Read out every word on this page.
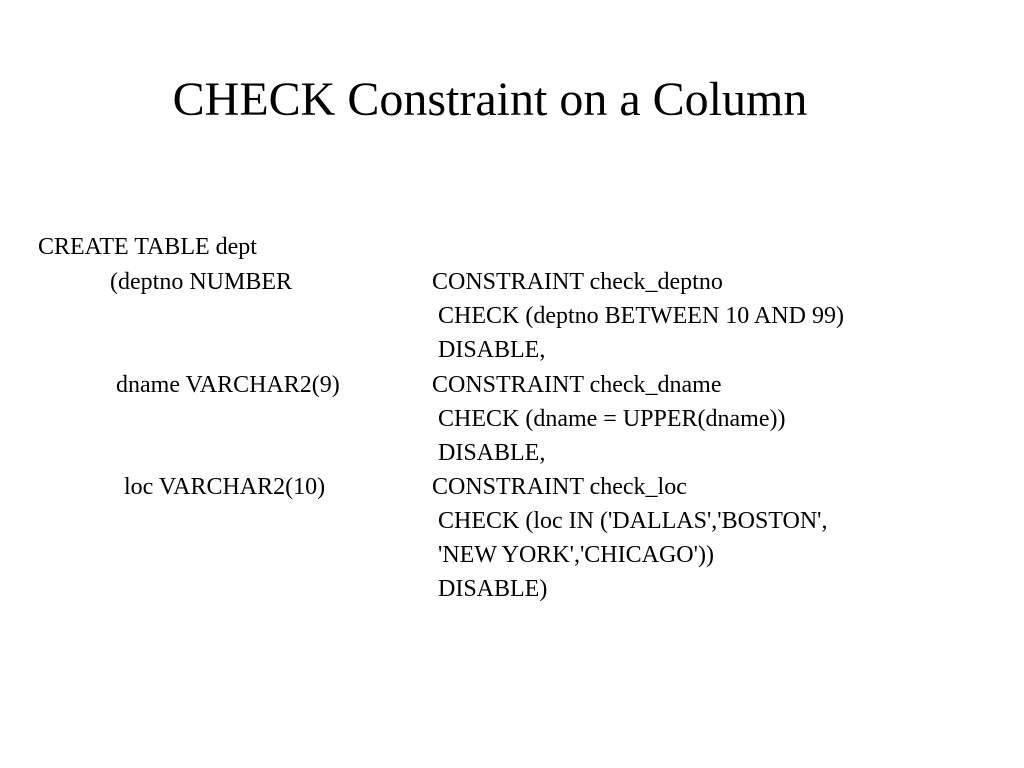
CHECK Constraint on a Column
CREATE TABLE dept
(deptno NUMBER	CONSTRAINT check_deptno
CHECK (deptno BETWEEN 10 AND 99)
DISABLE,
dname VARCHAR2(9)	CONSTRAINT check_dname
CHECK (dname = UPPER(dname))
DISABLE,
loc VARCHAR2(10)	CONSTRAINT check_loc
CHECK (loc IN ('DALLAS','BOSTON',
'NEW YORK','CHICAGO'))
DISABLE)
